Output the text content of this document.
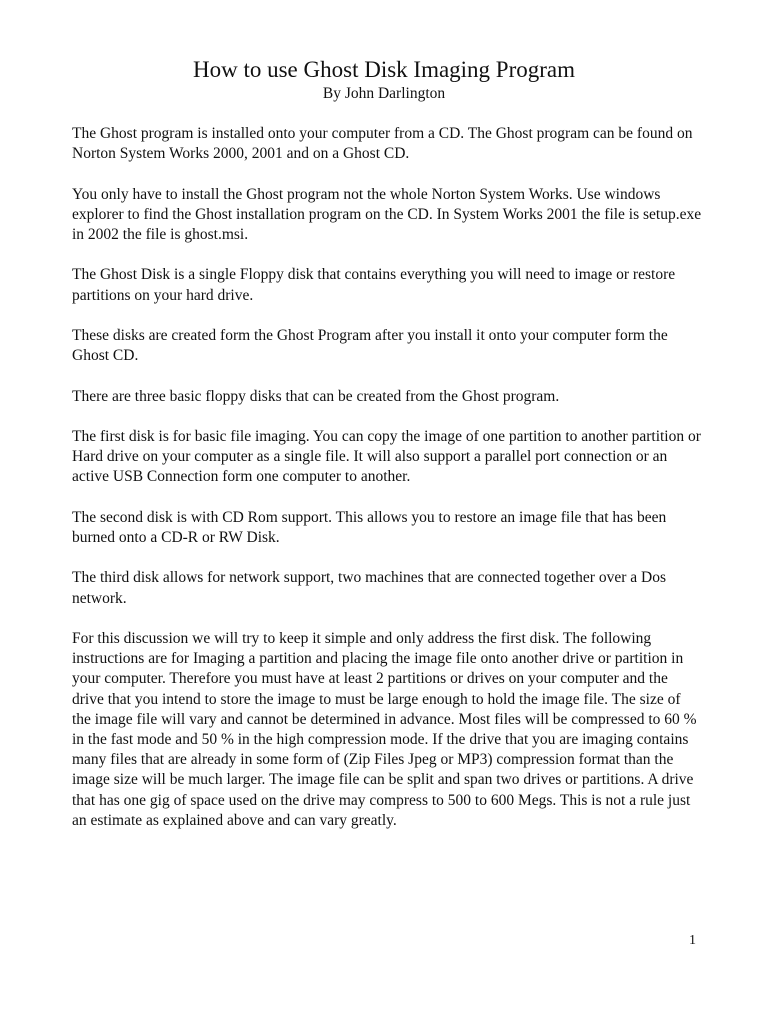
How to use Ghost Disk Imaging Program

By John Darlington

The Ghost program is installed onto your computer from a CD. The Ghost program can be found on Norton System Works 2000, 2001 and on a Ghost CD.

You only have to install the Ghost program not the whole Norton System Works. Use windows explorer to find the Ghost installation program on the CD. In System Works 2001 the file is setup.exe in 2002 the file is ghost.msi.

The Ghost Disk is a single Floppy disk that contains everything you will need to image or restore partitions on your hard drive.

These disks are created form the Ghost Program after you install it onto your computer form the Ghost CD.

There are three basic floppy disks that can be created from the Ghost program.

The first disk is for basic file imaging. You can copy the image of one partition to another partition or Hard drive on your computer as a single file. It will also support a parallel port connection or an active USB Connection form one computer to another.

The second disk is with CD Rom support. This allows you to restore an image file that has been burned onto a CD-R or RW Disk.

The third disk allows for network support, two machines that are connected together over a Dos network.

For this discussion we will try to keep it simple and only address the first disk. The following instructions are for Imaging a partition and placing the image file onto another drive or partition in your computer. Therefore you must have at least 2 partitions or drives on your computer and the drive that you intend to store the image to must be large enough to hold the image file. The size of the image file will vary and cannot be determined in advance. Most files will be compressed to 60 % in the fast mode and 50 % in the high compression mode. If the drive that you are imaging contains many files that are already in some form of (Zip Files Jpeg or MP3) compression format than the image size will be much larger. The image file can be split and span two drives or partitions. A drive that has one gig of space used on the drive may compress to 500 to 600 Megs. This is not a rule just an estimate as explained above and can vary greatly.

1
